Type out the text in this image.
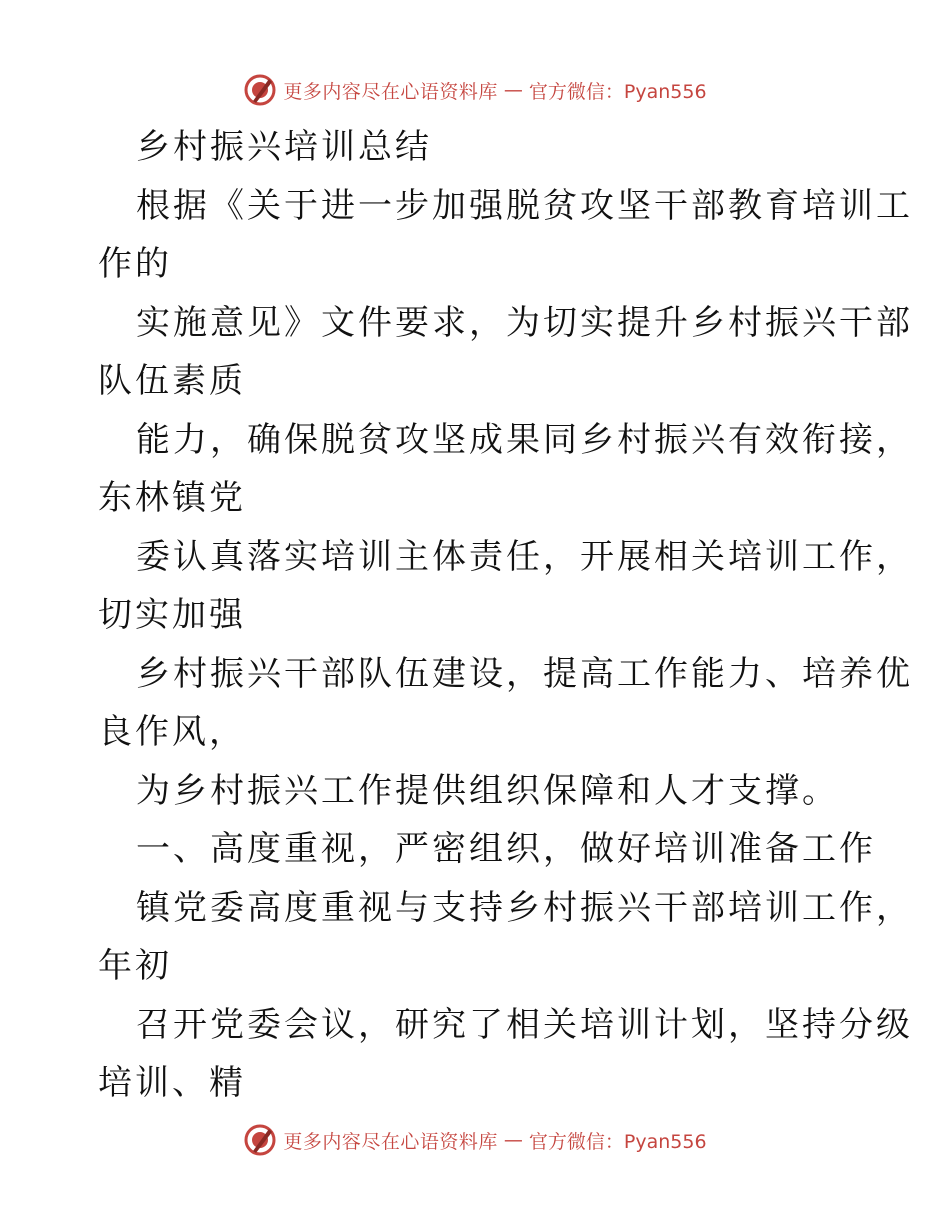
更多内容尽在心语资料库 — 官方微信：Pyan556
乡村振兴培训总结
根据《关于进一步加强脱贫攻坚干部教育培训工
作的
实施意见》文件要求，为切实提升乡村振兴干部
队伍素质
能力，确保脱贫攻坚成果同乡村振兴有效衔接，
东林镇党
委认真落实培训主体责任，开展相关培训工作，
切实加强
乡村振兴干部队伍建设，提高工作能力、培养优
良作风，
为乡村振兴工作提供组织保障和人才支撑。
一、高度重视，严密组织，做好培训准备工作
镇党委高度重视与支持乡村振兴干部培训工作，
年初
召开党委会议，研究了相关培训计划，坚持分级
培训、精
更多内容尽在心语资料库 — 官方微信：Pyan556
